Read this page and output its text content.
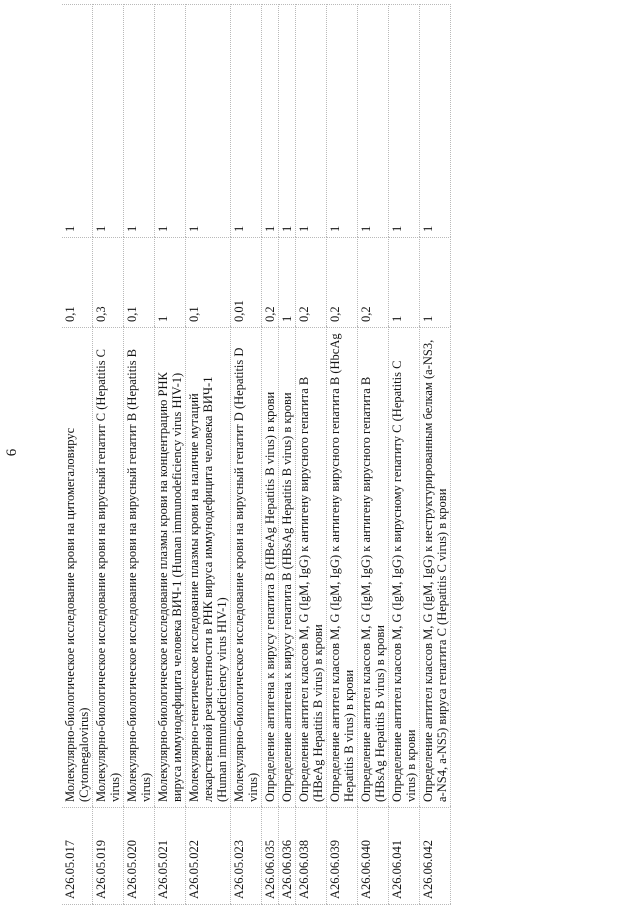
6
A26.05.017	Молекулярно-биологическое исследование крови на цитомегаловирус (Cytomegalovirus)	0,1	1
A26.05.019	Молекулярно-биологическое исследование крови на вирусный гепатит C (Hepatitis C virus)	0,3	1
A26.05.020	Молекулярно-биологическое исследование крови на вирусный гепатит B (Hepatitis B virus)	0,1	1
A26.05.021	Молекулярно-биологическое исследование плазмы крови на концентрацию РНК вируса иммунодефицита человека ВИЧ-1 (Human immunodeficiency virus HIV-1)	1	1
A26.05.022	Молекулярно-генетическое исследование плазмы крови на наличие мутаций лекарственной резистентности в РНК вируса иммунодефицита человека ВИЧ-1 (Human immunodeficiency virus HIV-1)	0,1	1
A26.05.023	Молекулярно-биологическое исследование крови на вирусный гепатит D (Hepatitis D virus)	0,01	1
A26.06.035	Определение антигена к вирусу гепатита B (HBeAg Hepatitis B virus) в крови	0,2	1
A26.06.036	Определение антигена к вирусу гепатита B (HBsAg Hepatitis B virus) в крови	1	1
A26.06.038	Определение антител классов M, G (IgM, IgG) к антигену вирусного гепатита B (HBeAg Hepatitis B virus) в крови	0,2	1
A26.06.039	Определение антител классов M, G (IgM, IgG) к антигену вирусного гепатита B (HbcAg Hepatitis B virus) в крови	0,2	1
A26.06.040	Определение антител классов M, G (IgM, IgG) к антигену вирусного гепатита B (HBsAg Hepatitis B virus) в крови	0,2	1
A26.06.041	Определение антител классов M, G (IgM, IgG) к вирусному гепатиту C (Hepatitis C virus) в крови	1	1
A26.06.042	Определение антител классов M, G (IgM, IgG) к неструктурированным белкам (a-NS3, a-NS4, a-NS5) вируса гепатита C (Hepatitis C virus) в крови	1	1
